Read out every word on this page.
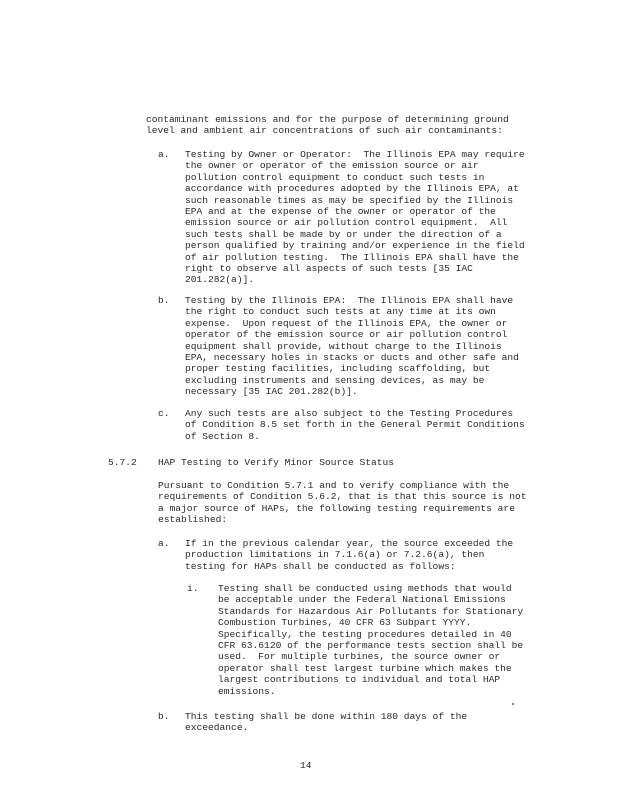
contaminant emissions and for the purpose of determining ground
level and ambient air concentrations of such air contaminants:
a. Testing by Owner or Operator:  The Illinois EPA may require
the owner or operator of the emission source or air
pollution control equipment to conduct such tests in
accordance with procedures adopted by the Illinois EPA, at
such reasonable times as may be specified by the Illinois
EPA and at the expense of the owner or operator of the
emission source or air pollution control equipment.  All
such tests shall be made by or under the direction of a
person qualified by training and/or experience in the field
of air pollution testing.  The Illinois EPA shall have the
right to observe all aspects of such tests [35 IAC
201.282(a)].
b. Testing by the Illinois EPA:  The Illinois EPA shall have
the right to conduct such tests at any time at its own
expense.  Upon request of the Illinois EPA, the owner or
operator of the emission source or air pollution control
equipment shall provide, without charge to the Illinois
EPA, necessary holes in stacks or ducts and other safe and
proper testing facilities, including scaffolding, but
excluding instruments and sensing devices, as may be
necessary [35 IAC 201.282(b)].
c. Any such tests are also subject to the Testing Procedures
of Condition 8.5 set forth in the General Permit Conditions
of Section 8.
5.7.2 HAP Testing to Verify Minor Source Status
Pursuant to Condition 5.7.1 and to verify compliance with the
requirements of Condition 5.6.2, that is that this source is not
a major source of HAPs, the following testing requirements are
established:
a. If in the previous calendar year, the source exceeded the
production limitations in 7.1.6(a) or 7.2.6(a), then
testing for HAPs shall be conducted as follows:
i. Testing shall be conducted using methods that would
be acceptable under the Federal National Emissions
Standards for Hazardous Air Pollutants for Stationary
Combustion Turbines, 40 CFR 63 Subpart YYYY.
Specifically, the testing procedures detailed in 40
CFR 63.6120 of the performance tests section shall be
used.  For multiple turbines, the source owner or
operator shall test largest turbine which makes the
largest contributions to individual and total HAP
emissions.
b. This testing shall be done within 180 days of the
exceedance.
14
